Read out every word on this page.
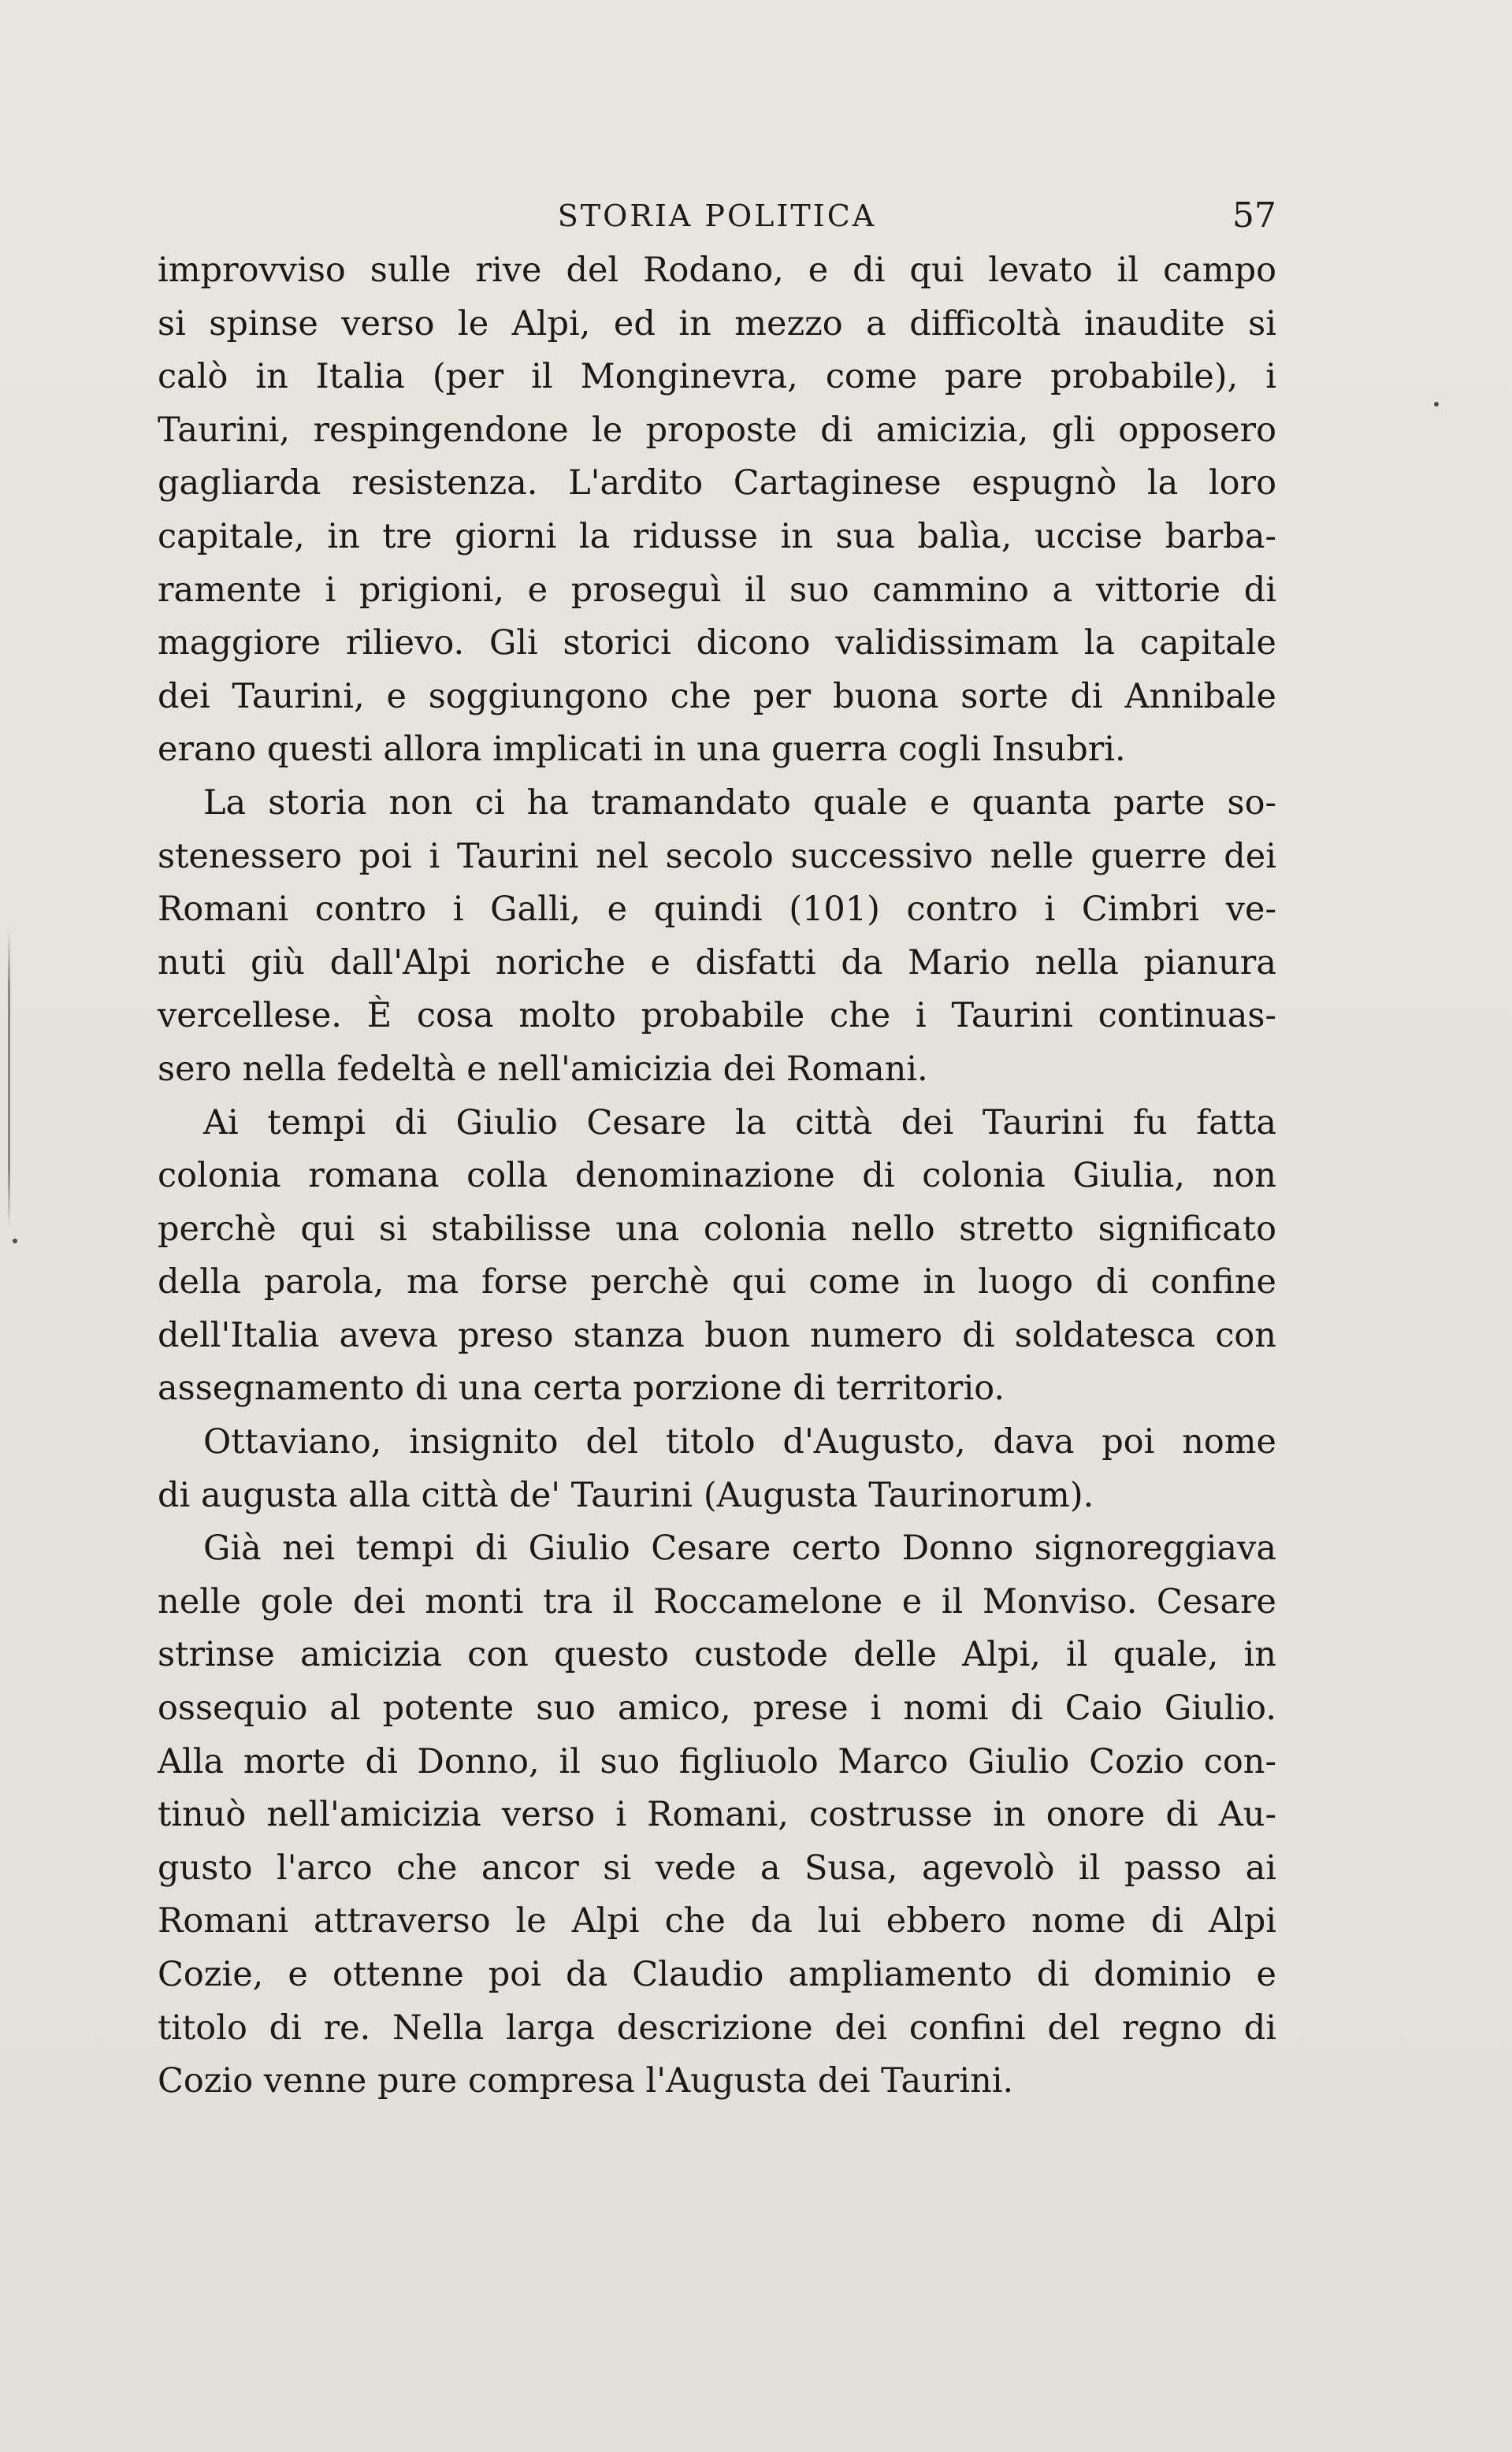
STORIA POLITICA	57
improvviso sulle rive del Rodano, e di qui levato il campo
si spinse verso le Alpi, ed in mezzo a difficoltà inaudite si
calò in Italia (per il Monginevra, come pare probabile), i
Taurini, respingendone le proposte di amicizia, gli opposero
gagliarda resistenza. L'ardito Cartaginese espugnò la loro
capitale, in tre giorni la ridusse in sua balìa, uccise barba-
ramente i prigioni, e proseguì il suo cammino a vittorie di
maggiore rilievo. Gli storici dicono validissimam la capitale
dei Taurini, e soggiungono che per buona sorte di Annibale
erano questi allora implicati in una guerra cogli Insubri.
La storia non ci ha tramandato quale e quanta parte so-
stenessero poi i Taurini nel secolo successivo nelle guerre dei
Romani contro i Galli, e quindi (101) contro i Cimbri ve-
nuti giù dall'Alpi noriche e disfatti da Mario nella pianura
vercellese. È cosa molto probabile che i Taurini continuas-
sero nella fedeltà e nell'amicizia dei Romani.
Ai tempi di Giulio Cesare la città dei Taurini fu fatta
colonia romana colla denominazione di colonia Giulia, non
perchè qui si stabilisse una colonia nello stretto significato
della parola, ma forse perchè qui come in luogo di confine
dell'Italia aveva preso stanza buon numero di soldatesca con
assegnamento di una certa porzione di territorio.
Ottaviano, insignito del titolo d'Augusto, dava poi nome
di augusta alla città de' Taurini (Augusta Taurinorum).
Già nei tempi di Giulio Cesare certo Donno signoreggiava
nelle gole dei monti tra il Roccamelone e il Monviso. Cesare
strinse amicizia con questo custode delle Alpi, il quale, in
ossequio al potente suo amico, prese i nomi di Caio Giulio.
Alla morte di Donno, il suo figliuolo Marco Giulio Cozio con-
tinuò nell'amicizia verso i Romani, costrusse in onore di Au-
gusto l'arco che ancor si vede a Susa, agevolò il passo ai
Romani attraverso le Alpi che da lui ebbero nome di Alpi
Cozie, e ottenne poi da Claudio ampliamento di dominio e
titolo di re. Nella larga descrizione dei confini del regno di
Cozio venne pure compresa l'Augusta dei Taurini.
